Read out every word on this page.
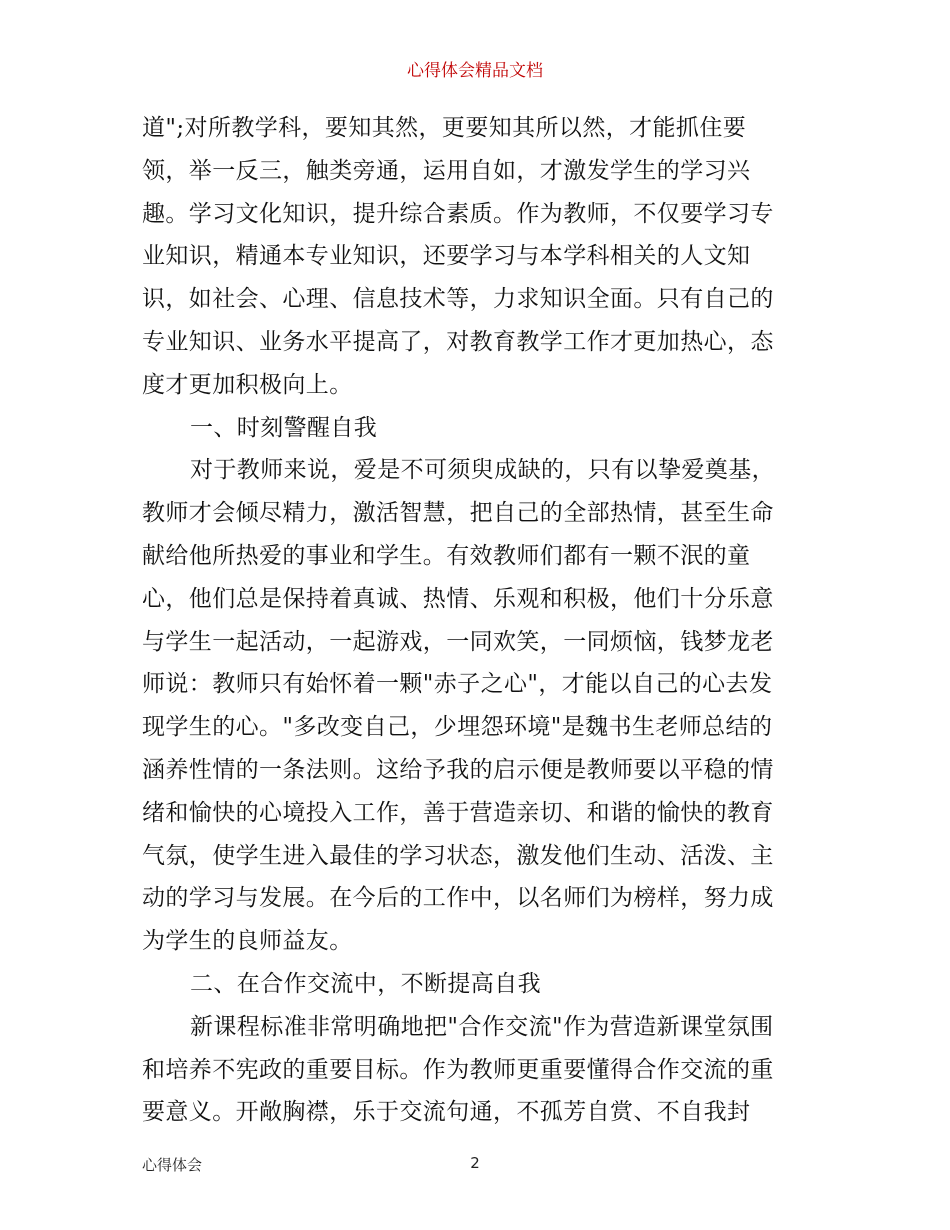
心得体会精品文档
道";对所教学科，要知其然，更要知其所以然，才能抓住要
领，举一反三，触类旁通，运用自如，才激发学生的学习兴
趣。学习文化知识，提升综合素质。作为教师，不仅要学习专
业知识，精通本专业知识，还要学习与本学科相关的人文知
识，如社会、心理、信息技术等，力求知识全面。只有自己的
专业知识、业务水平提高了，对教育教学工作才更加热心，态
度才更加积极向上。
一、时刻警醒自我
对于教师来说，爱是不可须臾成缺的，只有以挚爱奠基，
教师才会倾尽精力，激活智慧，把自己的全部热情，甚至生命
献给他所热爱的事业和学生。有效教师们都有一颗不泯的童
心，他们总是保持着真诚、热情、乐观和积极，他们十分乐意
与学生一起活动，一起游戏，一同欢笑，一同烦恼，钱梦龙老
师说：教师只有始怀着一颗"赤子之心"，才能以自己的心去发
现学生的心。"多改变自己，少埋怨环境"是魏书生老师总结的
涵养性情的一条法则。这给予我的启示便是教师要以平稳的情
绪和愉快的心境投入工作，善于营造亲切、和谐的愉快的教育
气氛，使学生进入最佳的学习状态，激发他们生动、活泼、主
动的学习与发展。在今后的工作中，以名师们为榜样，努力成
为学生的良师益友。
二、在合作交流中，不断提高自我
新课程标准非常明确地把"合作交流"作为营造新课堂氛围
和培养不宪政的重要目标。作为教师更重要懂得合作交流的重
要意义。开敞胸襟，乐于交流句通，不孤芳自赏、不自我封
心得体会	2
